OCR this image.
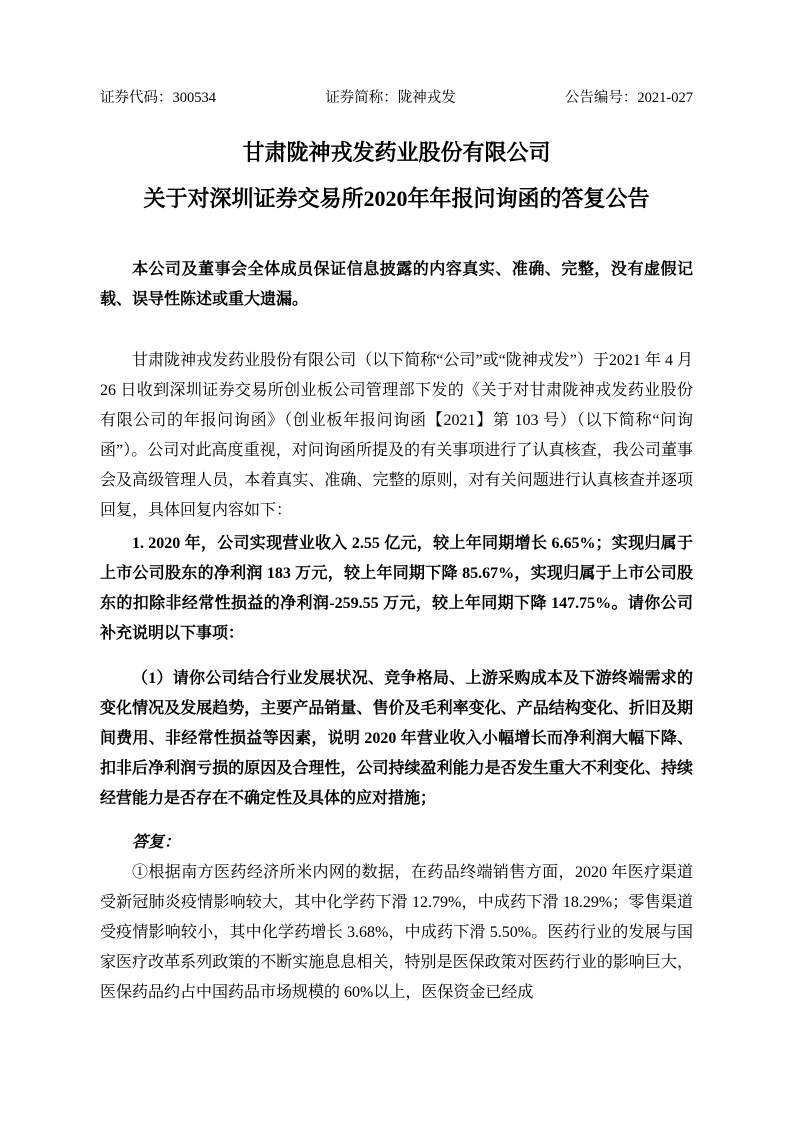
证券代码：300534	证券简称：陇神戎发	公告编号：2021-027
甘肃陇神戎发药业股份有限公司
关于对深圳证券交易所2020年年报问询函的答复公告

本公司及董事会全体成员保证信息披露的内容真实、准确、完整，没有虚假记载、误导性陈述或重大遗漏。

甘肃陇神戎发药业股份有限公司（以下简称“公司”或“陇神戎发”）于2021 年 4 月 26 日收到深圳证券交易所创业板公司管理部下发的《关于对甘肃陇神戎发药业股份有限公司的年报问询函》（创业板年报问询函【2021】第 103 号）（以下简称“问询函”）。公司对此高度重视，对问询函所提及的有关事项进行了认真核查，我公司董事会及高级管理人员，本着真实、准确、完整的原则，对有关问题进行认真核查并逐项回复，具体回复内容如下：

1. 2020 年，公司实现营业收入 2.55 亿元，较上年同期增长 6.65%；实现归属于上市公司股东的净利润 183 万元，较上年同期下降 85.67%，实现归属于上市公司股东的扣除非经常性损益的净利润-259.55 万元，较上年同期下降 147.75%。请你公司补充说明以下事项：

（1）请你公司结合行业发展状况、竞争格局、上游采购成本及下游终端需求的变化情况及发展趋势，主要产品销量、售价及毛利率变化、产品结构变化、折旧及期间费用、非经常性损益等因素，说明 2020 年营业收入小幅增长而净利润大幅下降、扣非后净利润亏损的原因及合理性，公司持续盈利能力是否发生重大不利变化、持续经营能力是否存在不确定性及具体的应对措施；

答复：

①根据南方医药经济所米内网的数据，在药品终端销售方面，2020 年医疗渠道受新冠肺炎疫情影响较大，其中化学药下滑 12.79%，中成药下滑 18.29%；零售渠道受疫情影响较小，其中化学药增长 3.68%，中成药下滑 5.50%。医药行业的发展与国家医疗改革系列政策的不断实施息息相关，特别是医保政策对医药行业的影响巨大，医保药品约占中国药品市场规模的 60%以上，医保资金已经成
